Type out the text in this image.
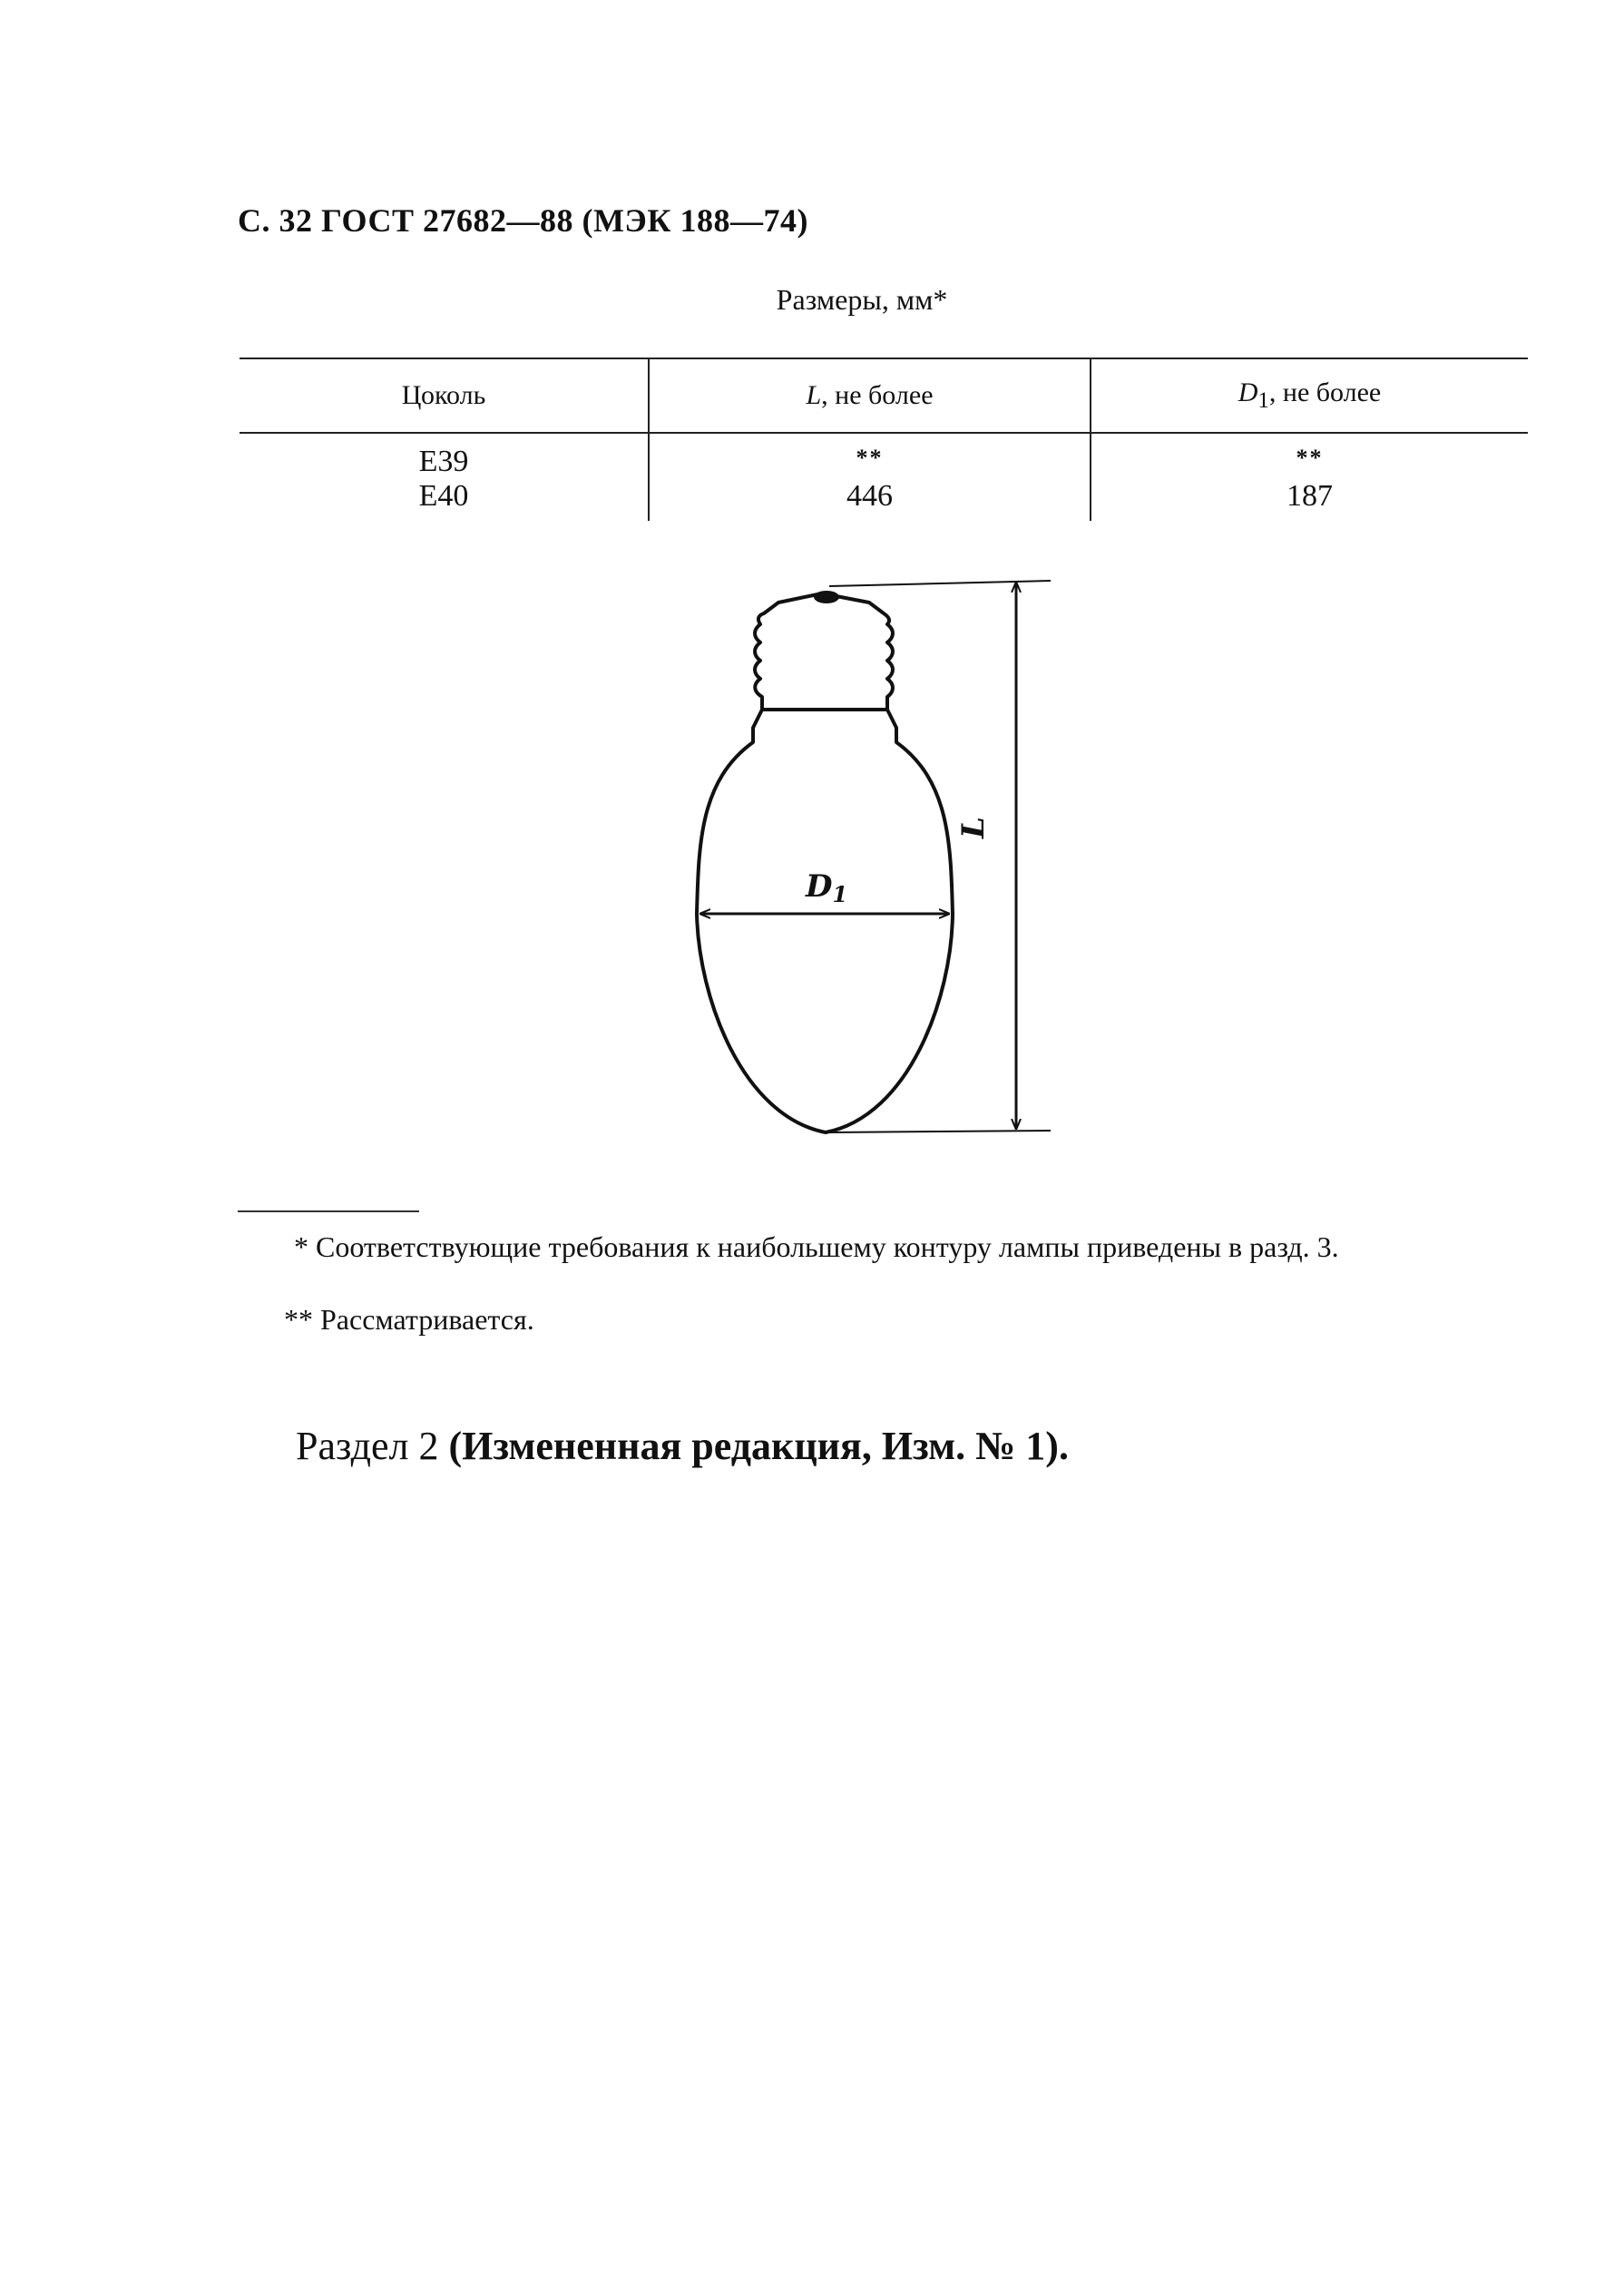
С. 32 ГОСТ 27682—88 (МЭК 188—74)
Размеры, мм*
Цоколь	L, не более	$D_1$, не более
E39	**	**
E40	446	187
D1
L
* Соответствующие требования к наибольшему контуру лампы приведены в разд. 3.
** Рассматривается.
Раздел 2 (Измененная редакция, Изм. № 1).
